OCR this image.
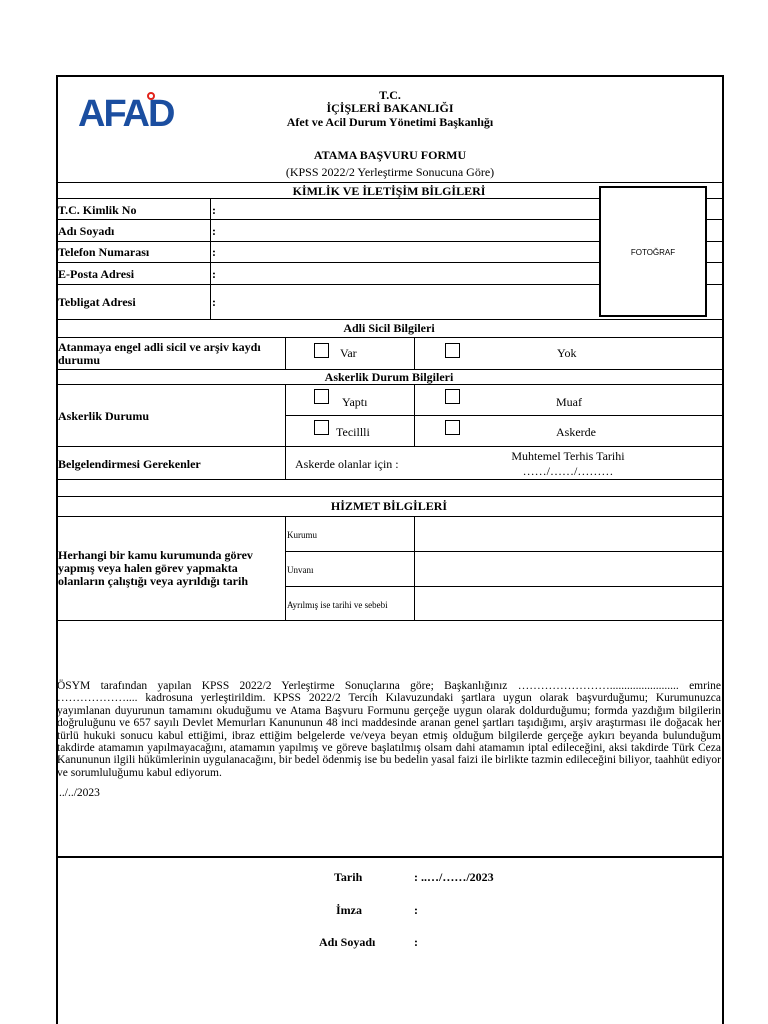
AFAD	T.C.
İÇİŞLERİ BAKANLIĞI
Afet ve Acil Durum Yönetimi Başkanlığı
ATAMA BAŞVURU FORMU
(KPSS 2022/2 Yerleştirme Sonucuna Göre)
KİMLİK VE İLETİŞİM BİLGİLERİ
T.C. Kimlik No	:
Adı Soyadı	:
Telefon Numarası	:
E-Posta Adresi	:
Tebligat Adresi	:
FOTOĞRAF
Adli Sicil Bilgileri
Atanmaya engel adli sicil ve arşiv kaydı
durumu	Var	Yok
Askerlik Durum Bilgileri
Askerlik Durumu
Yaptı	Muaf
Tecillli	Askerde
Belgelendirmesi Gerekenler	Askerde olanlar için :
Muhtemel Terhis Tarihi
……/……/………
HİZMET BİLGİLERİ
Herhangi bir kamu kurumunda görev
yapmış veya halen görev yapmakta
olanların çalıştığı veya ayrıldığı tarih
Kurumu
Unvanı
Ayrılmış ise tarihi ve sebebi
ÖSYM tarafından yapılan KPSS 2022/2 Yerleştirme Sonuçlarına göre; Başkanlığınız ……………………........................ emrine ……………….... kadrosuna yerleştirildim. KPSS 2022/2 Tercih Kılavuzundaki şartlara uygun olarak başvurduğumu; Kurumunuzca yayımlanan duyurunun tamamını okuduğumu ve Atama Başvuru Formunu gerçeğe uygun olarak doldurduğumu; formda yazdığım bilgilerin doğruluğunu ve 657 sayılı Devlet Memurları Kanununun 48 inci maddesinde aranan genel şartları taşıdığımı, arşiv araştırması ile doğacak her türlü hukuki sonucu kabul ettiğimi, ibraz ettiğim belgelerde ve/veya beyan etmiş olduğum bilgilerde gerçeğe aykırı beyanda bulunduğum takdirde atamamın yapılmayacağını, atamamın yapılmış ve göreve başlatılmış olsam dahi atamamın iptal edileceğini, aksi takdirde Türk Ceza Kanununun ilgili hükümlerinin uygulanacağını, bir bedel ödenmiş ise bu bedelin yasal faizi ile birlikte tazmin edileceğini biliyor, taahhüt ediyor ve sorumluluğumu kabul ediyorum.
../../2023
Tarih	: ..…/……/2023
İmza	:
Adı Soyadı	:
